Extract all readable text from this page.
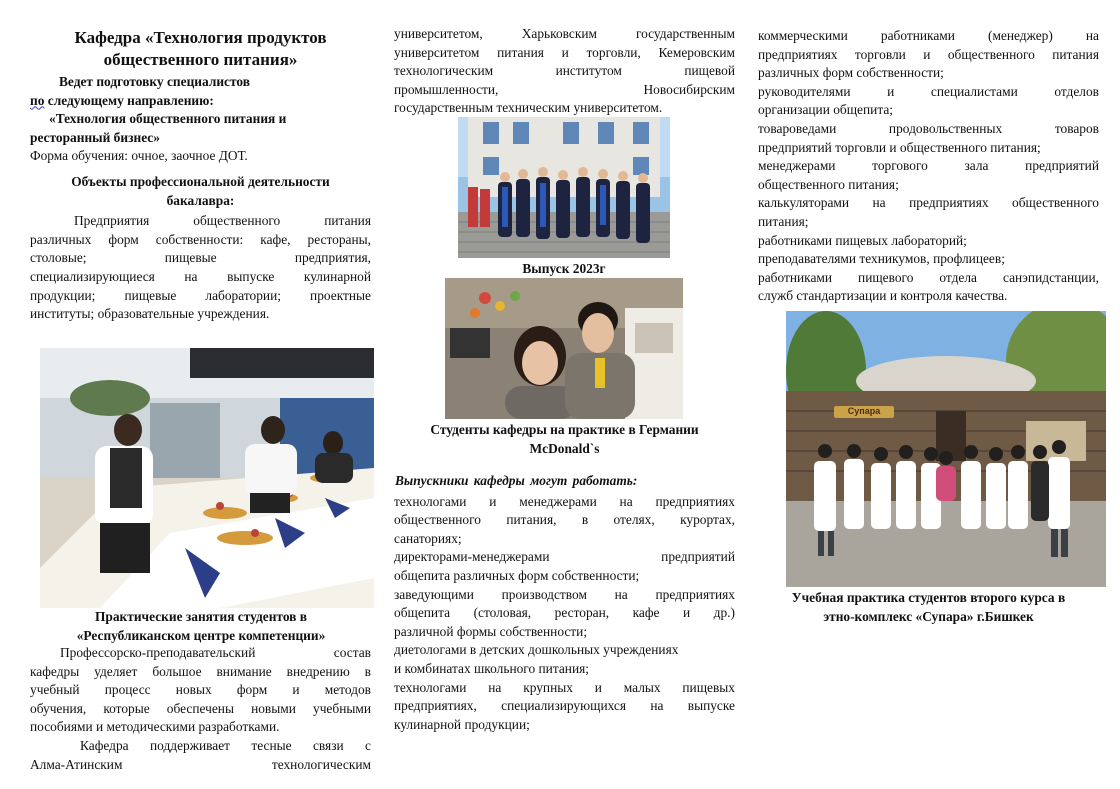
Кафедра «Технология продуктов
общественного питания»

Ведет подготовку специалистов

по следующему направлению:

«Технология общественного питания и

ресторанный бизнес»

Форма обучения: очное, заочное ДОТ.

Объекты профессиональной деятельности
бакалавра:

Предприятия общественного питания

различных форм собственности: кафе, рестораны,

столовые; пищевые предприятия,

специализирующиеся на выпуске кулинарной

продукции; пищевые лаборатории; проектные

институты; образовательные учреждения.

Практические занятия студентов в
«Республиканском центре компетенции»

Профессорско-преподавательский состав

кафедры уделяет большое внимание внедрению в

учебный процесс новых форм и методов

обучения, которые обеспечены новыми учебными

пособиями и методическими разработками.

Кафедра поддерживает тесные связи с

Алма-Атинским технологическим

университетом, Харьковским государственным

университетом питания и торговли, Кемеровским

технологическим институтом пищевой

промышленности, Новосибирским

государственным техническим университетом.

Выпуск 2023г
Студенты кафедры на практике в Германии
McDonald`s

Выпускники кафедры могут работать:

технологами и менеджерами на предприятиях

общественного питания, в отелях, курортах,

санаториях;

директорами-менеджерами предприятий

общепита различных форм собственности;

заведующими производством на предприятиях

общепита (столовая, ресторан, кафе и др.)

различной формы собственности;

диетологами в детских дошкольных учреждениях

и комбинатах школьного питания;

технологами на крупных и малых пищевых

предприятиях, специализирующихся на выпуске

кулинарной продукции;

коммерческими работниками (менеджер) на

предприятиях торговли и общественного питания

различных форм собственности;

руководителями и специалистами отделов

организации общепита;

товароведами продовольственных товаров

предприятий торговли и общественного питания;

менеджерами торгового зала предприятий

общественного питания;

калькуляторами на предприятиях общественного

питания;

работниками пищевых лабораторий;

преподавателями техникумов, профлицеев;

работниками пищевого отдела санэпидстанции,

служб стандартизации и контроля качества.

Супара
Учебная практика студентов второго курса в
этно-комплекс «Супара» г.Бишкек
